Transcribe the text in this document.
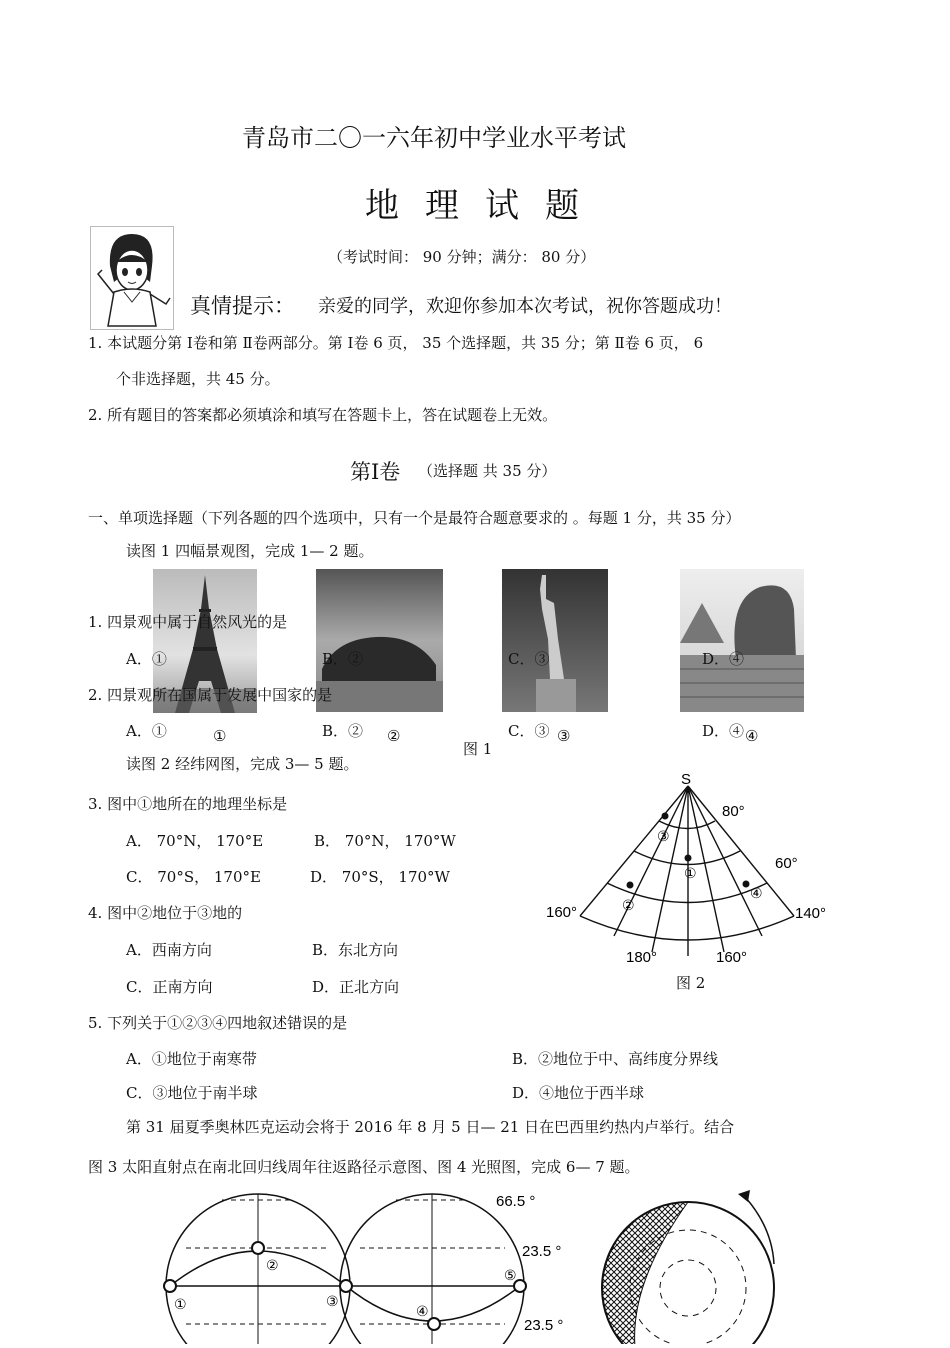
青岛市二〇一六年初中学业水平考试
地理试题
（考试时间： 90 分钟；满分： 80 分）
真情提示： 亲爱的同学，欢迎你参加本次考试，祝你答题成功！
1. 本试题分第 Ⅰ卷和第 Ⅱ卷两部分。第 Ⅰ卷 6 页， 35 个选择题，共 35 分；第 Ⅱ卷 6 页， 6
个非选择题，共 45 分。
2. 所有题目的答案都必须填涂和填写在答题卡上，答在试题卷上无效。
第Ⅰ卷 （选择题 共 35 分）
一、单项选择题（下列各题的四个选项中，只有一个是最符合题意要求的 。每题 1 分，共 35 分）
读图 1 四幅景观图，完成 1— 2 题。
1. 四景观中属于自然风光的是
A．①	B．②	C．③	D．④
2. 四景观所在国属于发展中国家的是
A．①	B．②	C．③	D．④
①	②	③	④
图 1
读图 2 经纬网图，完成 3— 5 题。
3. 图中①地所在的地理坐标是
A． 70°N， 170°E	B． 70°N， 170°W
C． 70°S， 170°E	D． 70°S， 170°W
4. 图中②地位于③地的
A．西南方向	B．东北方向
C．正南方向	D．正北方向
S
80°
60°
160°	140°
180°	160°
①
②
③
④
图 2
5. 下列关于①②③④四地叙述错误的是
A．①地位于南寒带	B．②地位于中、高纬度分界线
C．③地位于南半球	D．④地位于西半球
第 31 届夏季奥林匹克运动会将于 2016 年 8 月 5 日— 21 日在巴西里约热内卢举行。结合
图 3 太阳直射点在南北回归线周年往返路径示意图、图 4 光照图，完成 6— 7 题。
①
②
③
④
⑤
66.5 °
23.5 °
23.5 °
